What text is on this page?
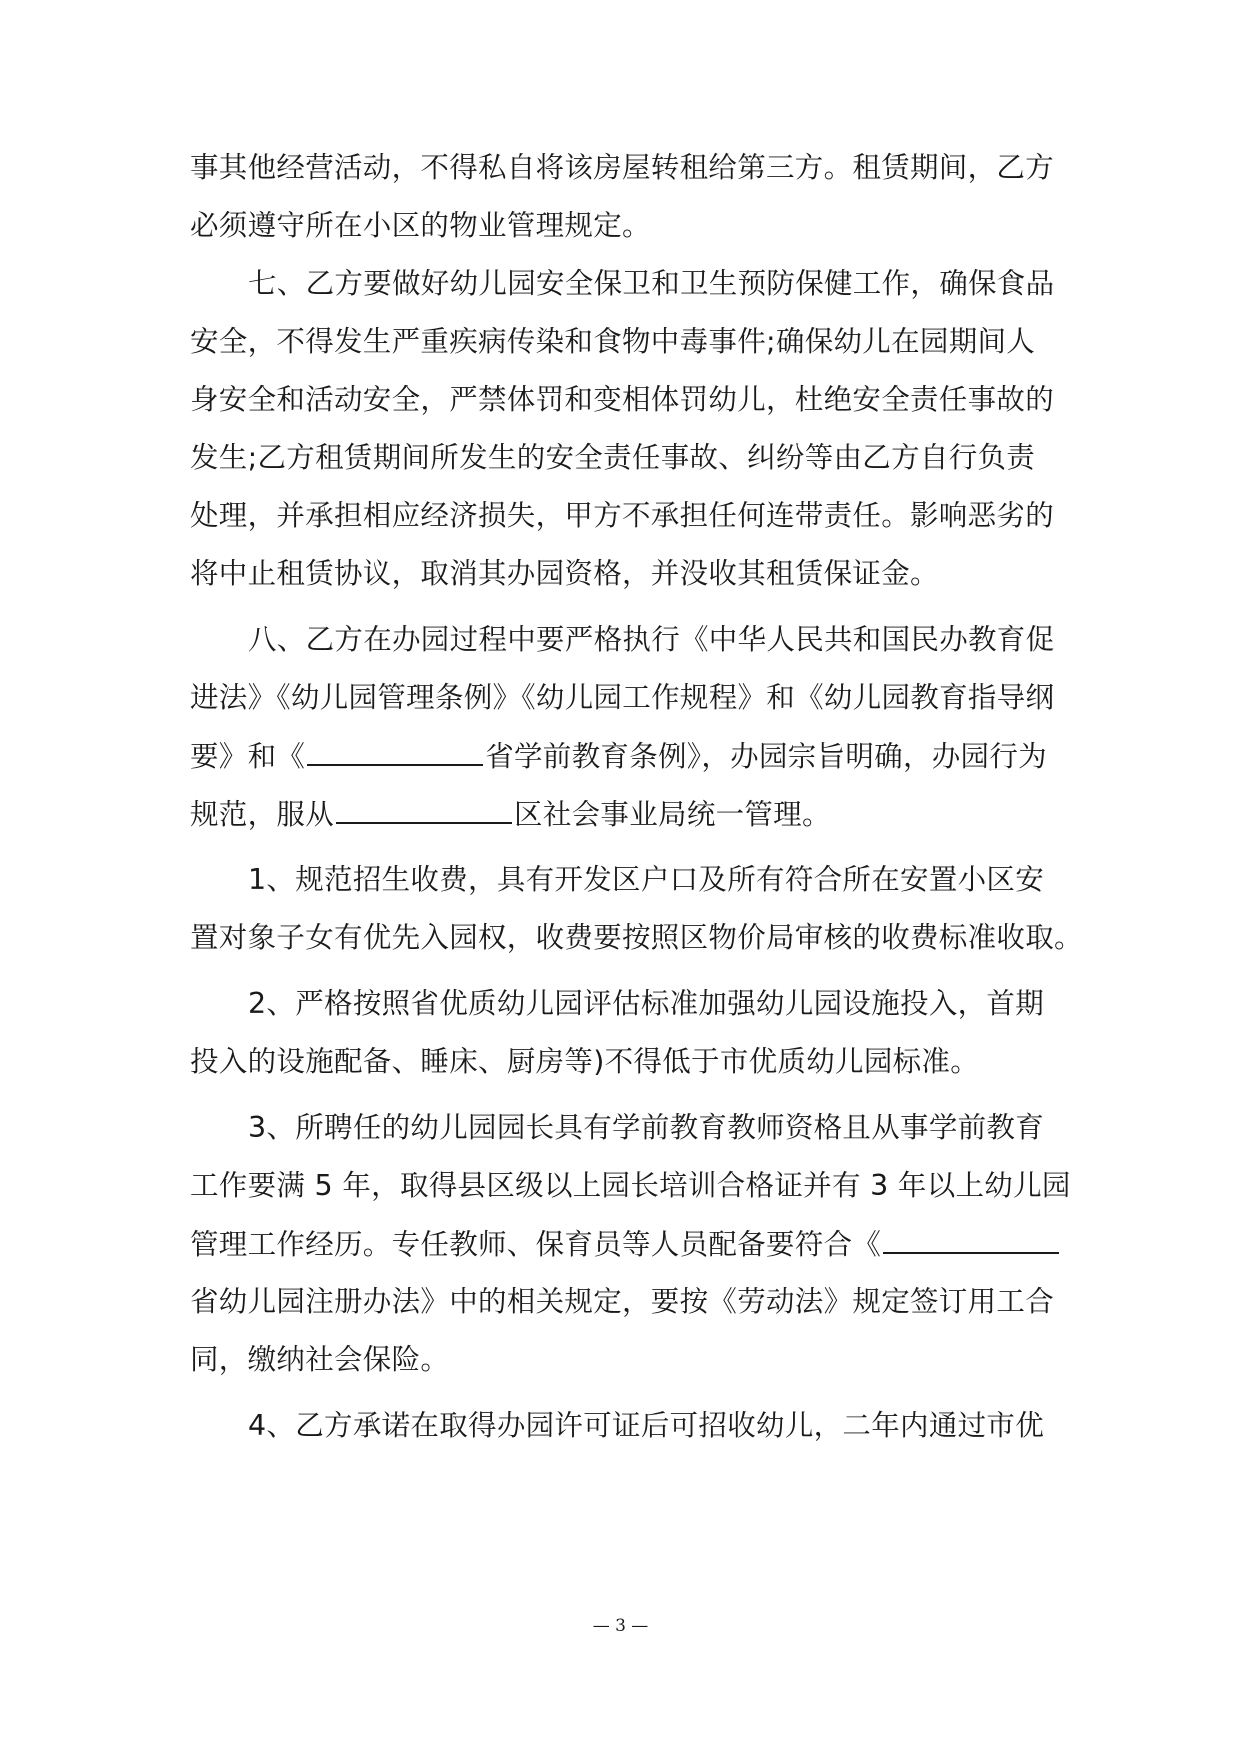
事其他经营活动，不得私自将该房屋转租给第三方。租赁期间，乙方
必须遵守所在小区的物业管理规定。
七、乙方要做好幼儿园安全保卫和卫生预防保健工作，确保食品
安全，不得发生严重疾病传染和食物中毒事件;确保幼儿在园期间人
身安全和活动安全，严禁体罚和变相体罚幼儿，杜绝安全责任事故的
发生;乙方租赁期间所发生的安全责任事故、纠纷等由乙方自行负责
处理，并承担相应经济损失，甲方不承担任何连带责任。影响恶劣的
将中止租赁协议，取消其办园资格，并没收其租赁保证金。
八、乙方在办园过程中要严格执行《中华人民共和国民办教育促
进法》《幼儿园管理条例》《幼儿园工作规程》和《幼儿园教育指导纲
要》和《	省学前教育条例》，办园宗旨明确，办园行为
规范，服从	区社会事业局统一管理。
1、规范招生收费，具有开发区户口及所有符合所在安置小区安
置对象子女有优先入园权，收费要按照区物价局审核的收费标准收取。
2、严格按照省优质幼儿园评估标准加强幼儿园设施投入，首期
投入的设施配备、睡床、厨房等)不得低于市优质幼儿园标准。
3、所聘任的幼儿园园长具有学前教育教师资格且从事学前教育
工作要满 5 年，取得县区级以上园长培训合格证并有 3 年以上幼儿园
管理工作经历。专任教师、保育员等人员配备要符合《
省幼儿园注册办法》中的相关规定，要按《劳动法》规定签订用工合
同，缴纳社会保险。
4、乙方承诺在取得办园许可证后可招收幼儿，二年内通过市优
— 3 —
